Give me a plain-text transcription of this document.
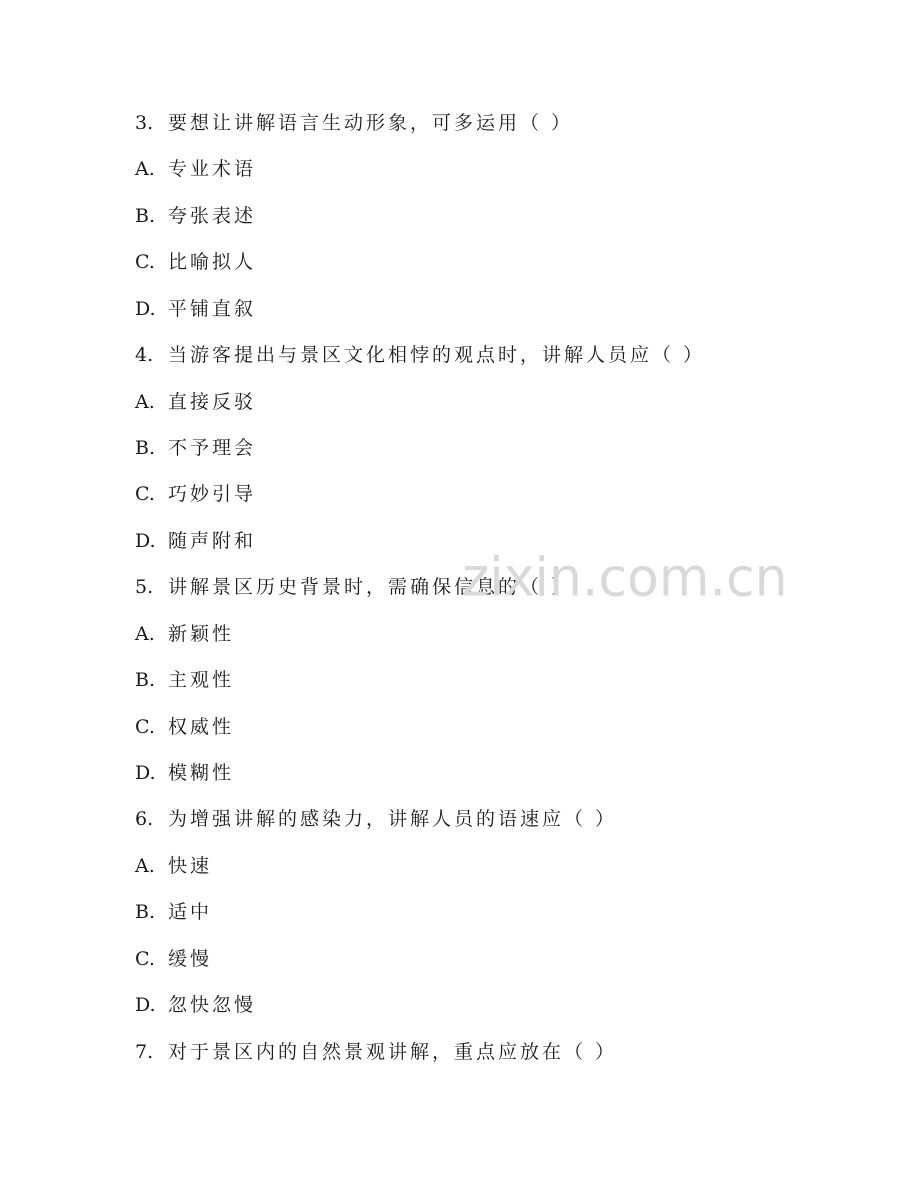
3. 要想让讲解语言生动形象，可多运用（ ）
A. 专业术语
B. 夸张表述
C. 比喻拟人
D. 平铺直叙
4. 当游客提出与景区文化相悖的观点时，讲解人员应（ ）
A. 直接反驳
B. 不予理会
C. 巧妙引导
D. 随声附和
5. 讲解景区历史背景时，需确保信息的（ ）
A. 新颖性
B. 主观性
C. 权威性
D. 模糊性
6. 为增强讲解的感染力，讲解人员的语速应（ ）
A. 快速
B. 适中
C. 缓慢
D. 忽快忽慢
7. 对于景区内的自然景观讲解，重点应放在（ ）
zixin.com.cn
